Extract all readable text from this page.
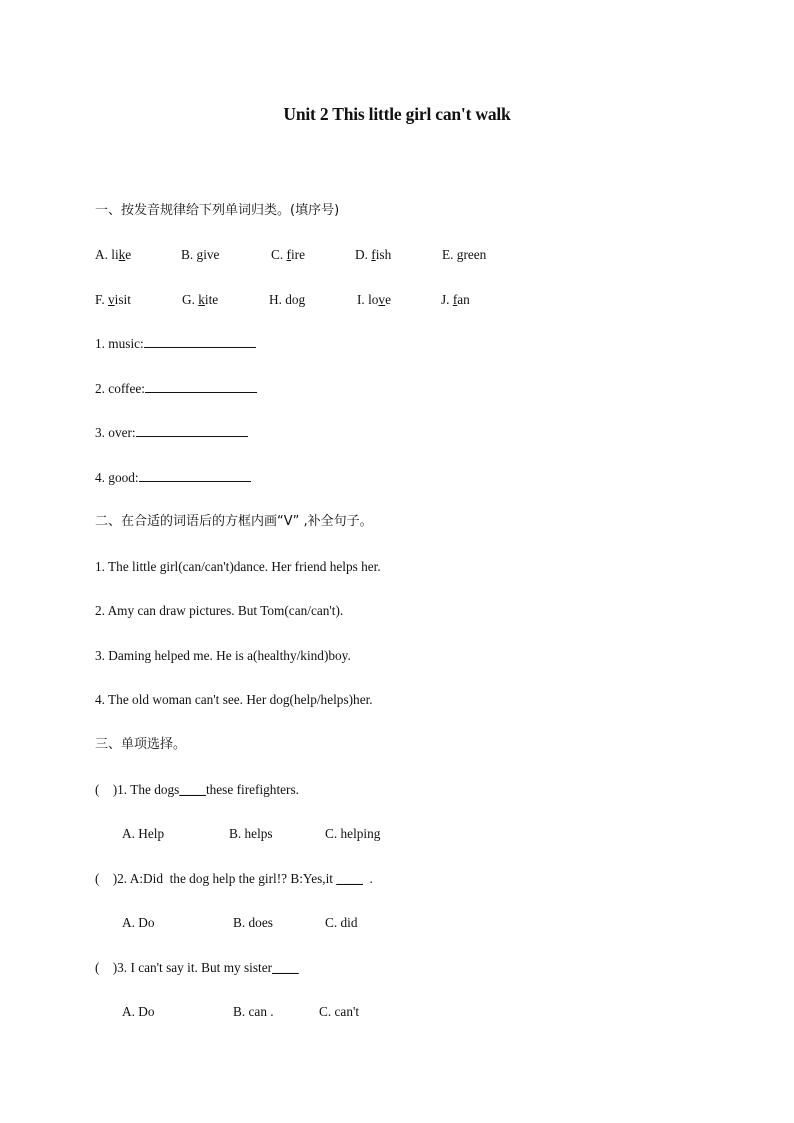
Unit 2 This little girl can't walk
一、按发音规律给下列单词归类。(填序号)
A. like	B. give	C. fire	D. fish	E. green
F. visit	G. kite	H. dog	I. love	J. fan
1. music:
2. coffee:
3. over:
4. good:
二、在合适的词语后的方框内画“V” ,补全句子。
1. The little girl(can/can't)dance. Her friend helps her.
2. Amy can draw pictures. But Tom(can/can't).
3. Daming helped me. He is a(healthy/kind)boy.
4. The old woman can't see. Her dog(help/helps)her.
三、单项选择。
(    )1. The dogs____these firefighters.
A. Help	B. helps	C. helping
(    )2. A:Did  the dog help the girl!? B:Yes,it ____  .
A. Do	B. does	C. did
(    )3. I can't say it. But my sister____
A. Do	B. can .	C. can't
